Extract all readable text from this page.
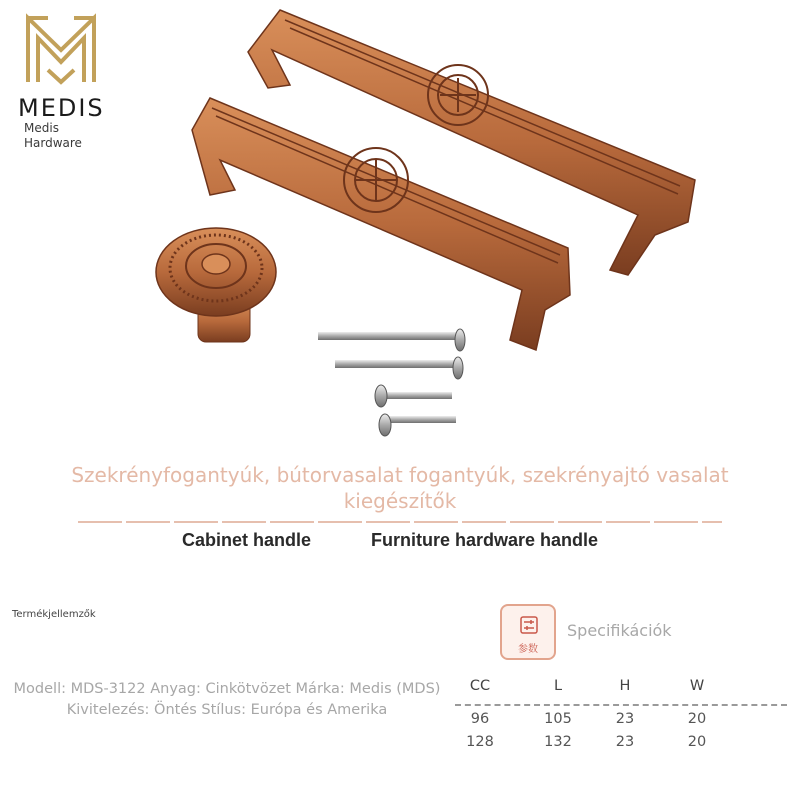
MEDIS
Medis
Hardware
Szekrényfogantyúk, bútorvasalat fogantyúk, szekrényajtó vasalat kiegészítők
Cabinet handle	Furniture hardware handle
Termékjellemzők
Modell: MDS-3122 Anyag: Cinkötvözet Márka: Medis (MDS) Kivitelezés: Öntés Stílus: Európa és Amerika
参数
Specifikációk
CC	L	H	W
96	105	23	20
128	132	23	20
